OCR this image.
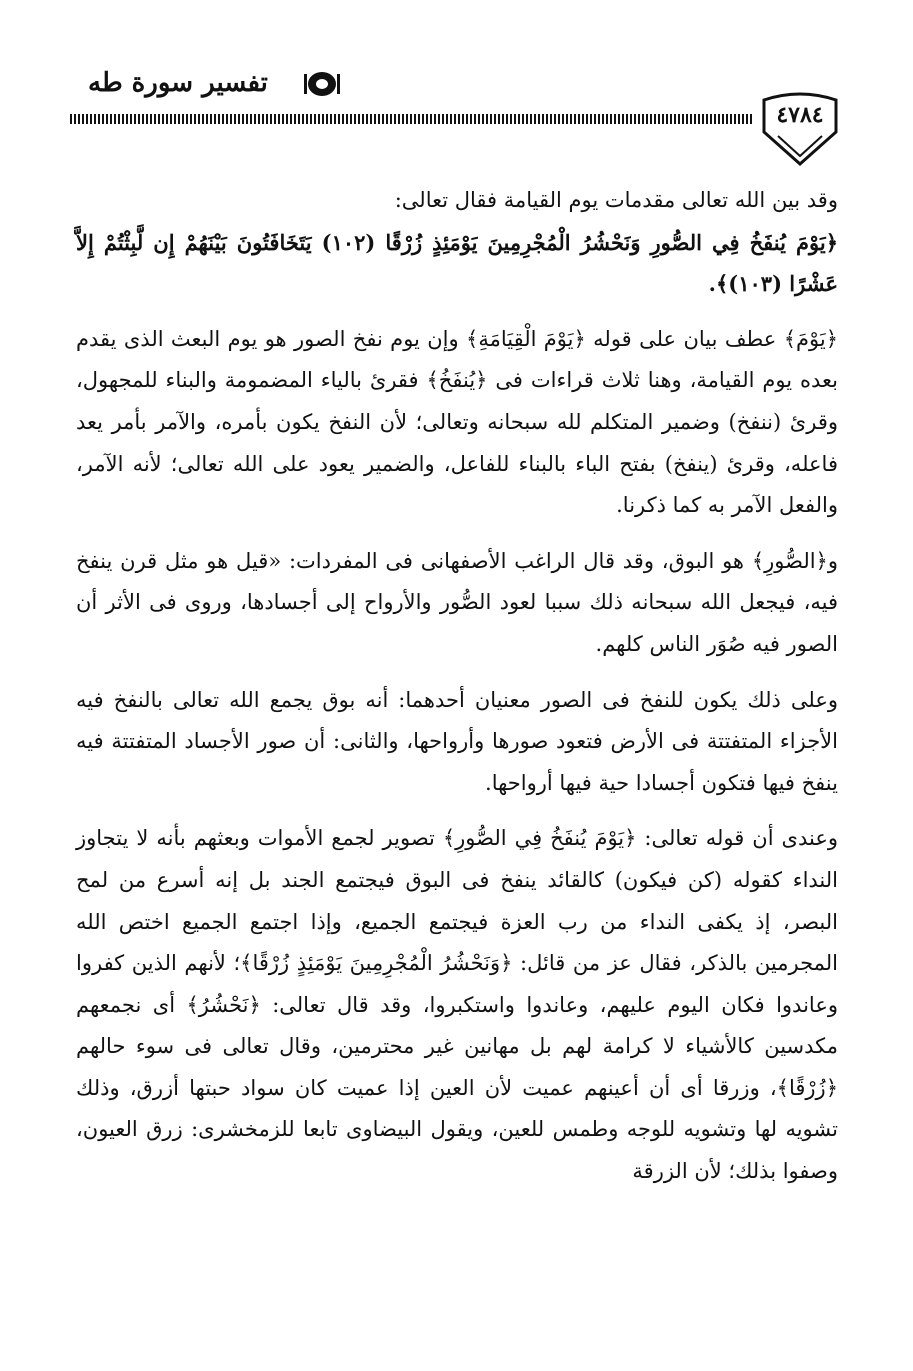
تفسير سورة طه
٤٧٨٤

وقد بين الله تعالى مقدمات يوم القيامة فقال تعالى:

﴿يَوْمَ يُنفَخُ فِي الصُّورِ وَنَحْشُرُ الْمُجْرِمِينَ يَوْمَئِذٍ زُرْقًا (١٠٢) يَتَخَافَتُونَ بَيْنَهُمْ إِن لَّبِثْتُمْ إِلاَّ عَشْرًا (١٠٣)﴾.

﴿يَوْمَ﴾ عطف بيان على قوله ﴿يَوْمَ الْقِيَامَةِ﴾ وإن يوم نفخ الصور هو يوم البعث الذى يقدم بعده يوم القيامة، وهنا ثلاث قراءات فى ﴿يُنفَخُ﴾ فقرئ بالياء المضمومة والبناء للمجهول، وقرئ (ننفخ) وضمير المتكلم لله سبحانه وتعالى؛ لأن النفخ يكون بأمره، والآمر بأمر يعد فاعله، وقرئ (ينفخ) بفتح الباء بالبناء للفاعل، والضمير يعود على الله تعالى؛ لأنه الآمر، والفعل الآمر به كما ذكرنا.

و﴿الصُّورِ﴾ هو البوق، وقد قال الراغب الأصفهانى فى المفردات: «قيل هو مثل قرن ينفخ فيه، فيجعل الله سبحانه ذلك سببا لعود الصُّور والأرواح إلى أجسادها، وروى فى الأثر أن الصور فيه صُوَر الناس كلهم.

وعلى ذلك يكون للنفخ فى الصور معنيان أحدهما: أنه بوق يجمع الله تعالى بالنفخ فيه الأجزاء المتفتتة فى الأرض فتعود صورها وأرواحها، والثانى: أن صور الأجساد المتفتتة فيه ينفخ فيها فتكون أجسادا حية فيها أرواحها.

وعندى أن قوله تعالى: ﴿يَوْمَ يُنفَخُ فِي الصُّورِ﴾ تصوير لجمع الأموات وبعثهم بأنه لا يتجاوز النداء كقوله (كن فيكون) كالقائد ينفخ فى البوق فيجتمع الجند بل إنه أسرع من لمح البصر، إذ يكفى النداء من رب العزة فيجتمع الجميع، وإذا اجتمع الجميع اختص الله المجرمين بالذكر، فقال عز من قائل: ﴿وَنَحْشُرُ الْمُجْرِمِينَ يَوْمَئِذٍ زُرْقًا﴾؛ لأنهم الذين كفروا وعاندوا فكان اليوم عليهم، وعاندوا واستكبروا، وقد قال تعالى: ﴿نَحْشُرُ﴾ أى نجمعهم مكدسين كالأشياء لا كرامة لهم بل مهانين غير محترمين، وقال تعالى فى سوء حالهم ﴿زُرْقًا﴾، وزرقا أى أن أعينهم عميت لأن العين إذا عميت كان سواد حبتها أزرق، وذلك تشويه لها وتشويه للوجه وطمس للعين، ويقول البيضاوى تابعا للزمخشرى: زرق العيون، وصفوا بذلك؛ لأن الزرقة
